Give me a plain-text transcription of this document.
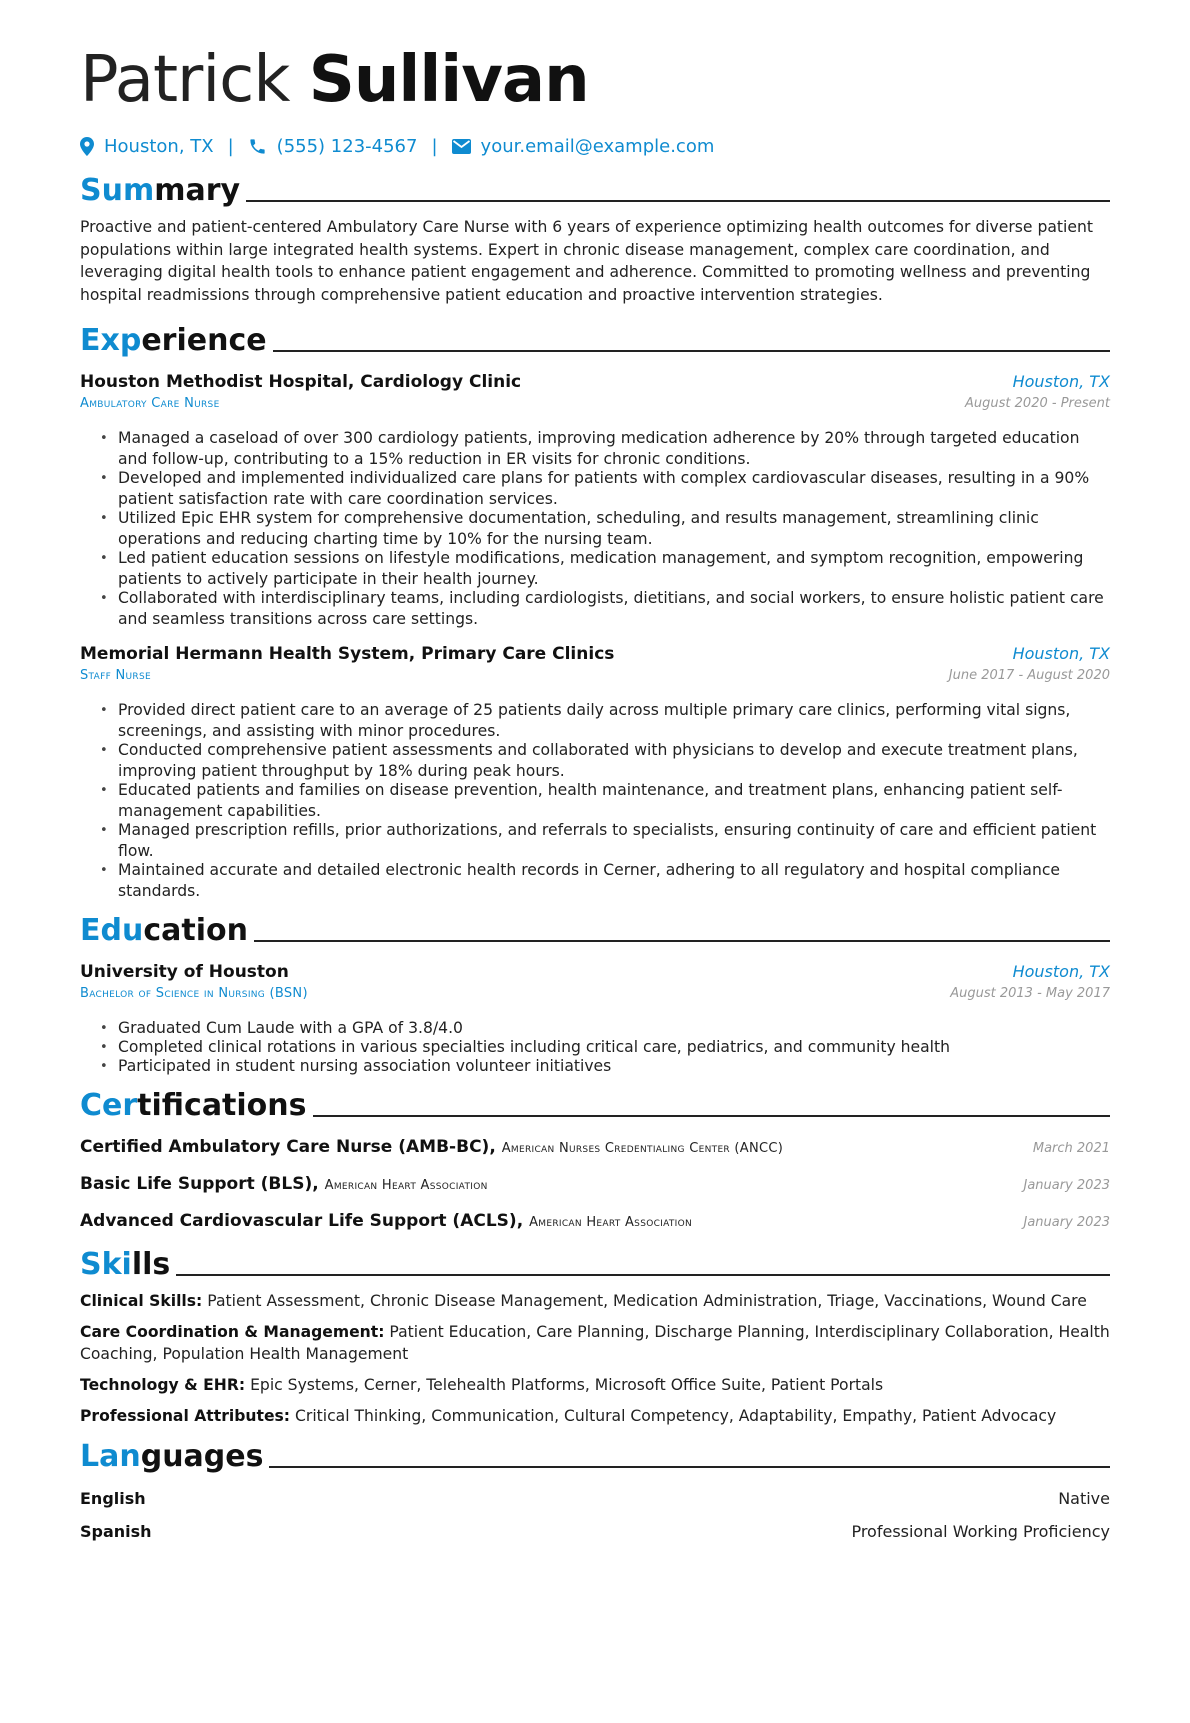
Patrick Sullivan
Houston, TX | (555) 123-4567 | your.email@example.com
Summary
Proactive and patient-centered Ambulatory Care Nurse with 6 years of experience optimizing health outcomes for diverse patient populations within large integrated health systems. Expert in chronic disease management, complex care coordination, and leveraging digital health tools to enhance patient engagement and adherence. Committed to promoting wellness and preventing hospital readmissions through comprehensive patient education and proactive intervention strategies.
Experience
Houston Methodist Hospital, Cardiology Clinic	Houston, TX
Ambulatory Care Nurse	August 2020 - Present
• Managed a caseload of over 300 cardiology patients, improving medication adherence by 20% through targeted education and follow-up, contributing to a 15% reduction in ER visits for chronic conditions.
• Developed and implemented individualized care plans for patients with complex cardiovascular diseases, resulting in a 90% patient satisfaction rate with care coordination services.
• Utilized Epic EHR system for comprehensive documentation, scheduling, and results management, streamlining clinic operations and reducing charting time by 10% for the nursing team.
• Led patient education sessions on lifestyle modifications, medication management, and symptom recognition, empowering patients to actively participate in their health journey.
• Collaborated with interdisciplinary teams, including cardiologists, dietitians, and social workers, to ensure holistic patient care and seamless transitions across care settings.
Memorial Hermann Health System, Primary Care Clinics	Houston, TX
Staff Nurse	June 2017 - August 2020
• Provided direct patient care to an average of 25 patients daily across multiple primary care clinics, performing vital signs, screenings, and assisting with minor procedures.
• Conducted comprehensive patient assessments and collaborated with physicians to develop and execute treatment plans, improving patient throughput by 18% during peak hours.
• Educated patients and families on disease prevention, health maintenance, and treatment plans, enhancing patient self-management capabilities.
• Managed prescription refills, prior authorizations, and referrals to specialists, ensuring continuity of care and efficient patient flow.
• Maintained accurate and detailed electronic health records in Cerner, adhering to all regulatory and hospital compliance standards.
Education
University of Houston	Houston, TX
Bachelor of Science in Nursing (BSN)	August 2013 - May 2017
• Graduated Cum Laude with a GPA of 3.8/4.0
• Completed clinical rotations in various specialties including critical care, pediatrics, and community health
• Participated in student nursing association volunteer initiatives
Certifications
Certified Ambulatory Care Nurse (AMB-BC), American Nurses Credentialing Center (ANCC)	March 2021
Basic Life Support (BLS), American Heart Association	January 2023
Advanced Cardiovascular Life Support (ACLS), American Heart Association	January 2023
Skills
Clinical Skills: Patient Assessment, Chronic Disease Management, Medication Administration, Triage, Vaccinations, Wound Care
Care Coordination & Management: Patient Education, Care Planning, Discharge Planning, Interdisciplinary Collaboration, Health Coaching, Population Health Management
Technology & EHR: Epic Systems, Cerner, Telehealth Platforms, Microsoft Office Suite, Patient Portals
Professional Attributes: Critical Thinking, Communication, Cultural Competency, Adaptability, Empathy, Patient Advocacy
Languages
English	Native
Spanish	Professional Working Proficiency
